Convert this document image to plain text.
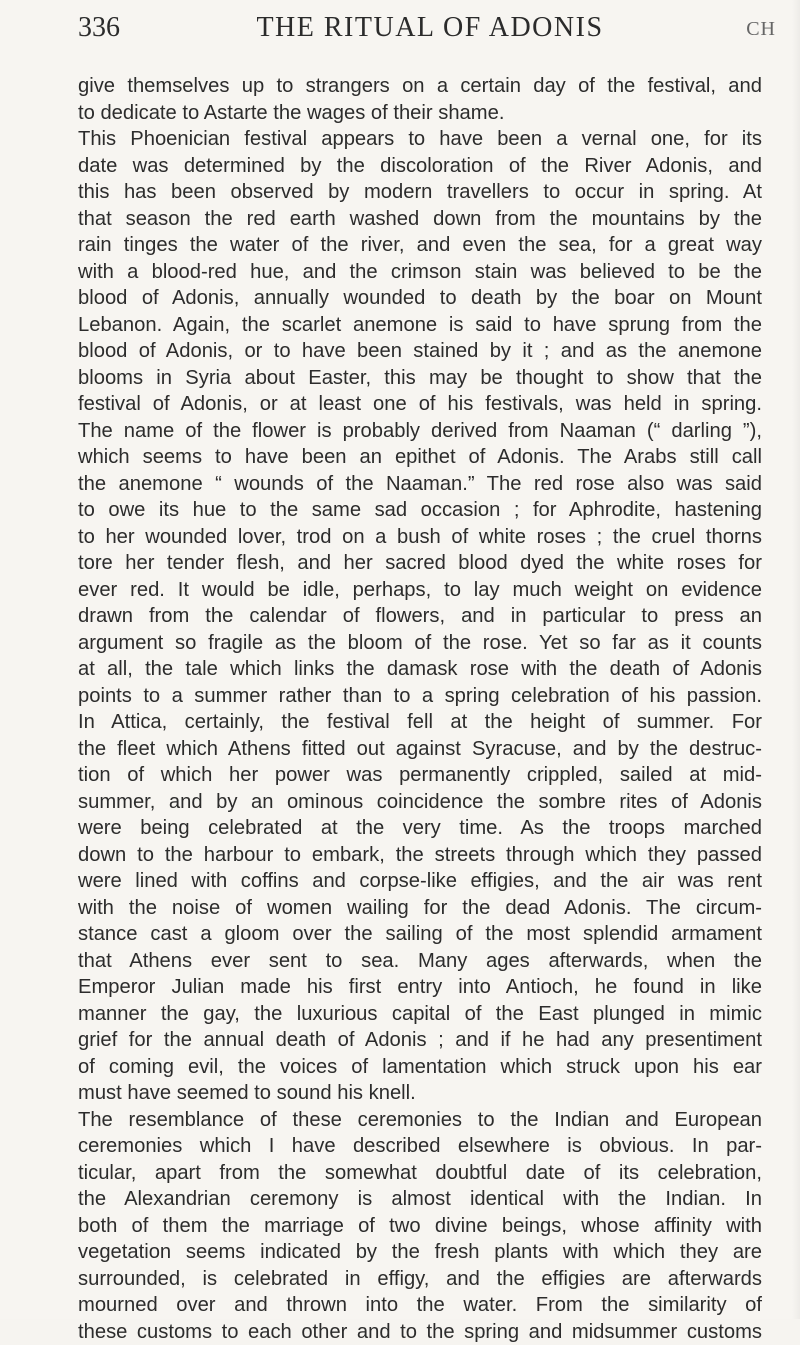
336	THE RITUAL OF ADONIS	CH

give themselves up to strangers on a certain day of the festival, and

to dedicate to Astarte the wages of their shame.

This Phoenician festival appears to have been a vernal one, for its

date was determined by the discoloration of the River Adonis, and

this has been observed by modern travellers to occur in spring. At

that season the red earth washed down from the mountains by the

rain tinges the water of the river, and even the sea, for a great way

with a blood-red hue, and the crimson stain was believed to be the

blood of Adonis, annually wounded to death by the boar on Mount

Lebanon. Again, the scarlet anemone is said to have sprung from the

blood of Adonis, or to have been stained by it ; and as the anemone

blooms in Syria about Easter, this may be thought to show that the

festival of Adonis, or at least one of his festivals, was held in spring.

The name of the flower is probably derived from Naaman (“ darling ”),

which seems to have been an epithet of Adonis. The Arabs still call

the anemone “ wounds of the Naaman.” The red rose also was said

to owe its hue to the same sad occasion ; for Aphrodite, hastening

to her wounded lover, trod on a bush of white roses ; the cruel thorns

tore her tender flesh, and her sacred blood dyed the white roses for

ever red. It would be idle, perhaps, to lay much weight on evidence

drawn from the calendar of flowers, and in particular to press an

argument so fragile as the bloom of the rose. Yet so far as it counts

at all, the tale which links the damask rose with the death of Adonis

points to a summer rather than to a spring celebration of his passion.

In Attica, certainly, the festival fell at the height of summer. For

the fleet which Athens fitted out against Syracuse, and by the destruc-

tion of which her power was permanently crippled, sailed at mid-

summer, and by an ominous coincidence the sombre rites of Adonis

were being celebrated at the very time. As the troops marched

down to the harbour to embark, the streets through which they passed

were lined with coffins and corpse-like effigies, and the air was rent

with the noise of women wailing for the dead Adonis. The circum-

stance cast a gloom over the sailing of the most splendid armament

that Athens ever sent to sea. Many ages afterwards, when the

Emperor Julian made his first entry into Antioch, he found in like

manner the gay, the luxurious capital of the East plunged in mimic

grief for the annual death of Adonis ; and if he had any presentiment

of coming evil, the voices of lamentation which struck upon his ear

must have seemed to sound his knell.

The resemblance of these ceremonies to the Indian and European

ceremonies which I have described elsewhere is obvious. In par-

ticular, apart from the somewhat doubtful date of its celebration,

the Alexandrian ceremony is almost identical with the Indian. In

both of them the marriage of two divine beings, whose affinity with

vegetation seems indicated by the fresh plants with which they are

surrounded, is celebrated in effigy, and the effigies are afterwards

mourned over and thrown into the water. From the similarity of

these customs to each other and to the spring and midsummer customs
